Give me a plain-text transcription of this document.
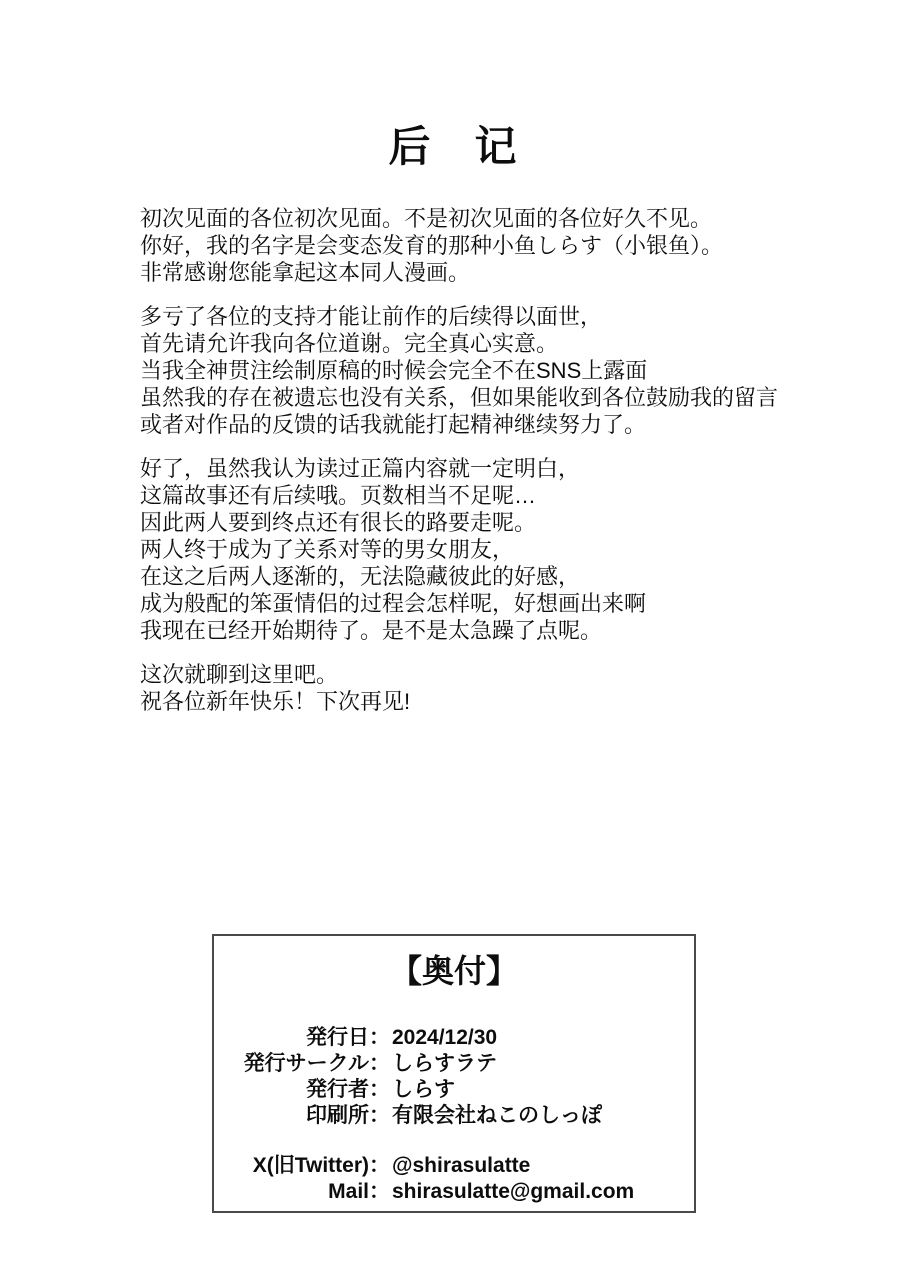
后　记
初次见面的各位初次见面。不是初次见面的各位好久不见。
你好，我的名字是会变态发育的那种小鱼しらす（小银鱼）。
非常感谢您能拿起这本同人漫画。
多亏了各位的支持才能让前作的后续得以面世，
首先请允许我向各位道谢。完全真心实意。
当我全神贯注绘制原稿的时候会完全不在SNS上露面
虽然我的存在被遗忘也没有关系，但如果能收到各位鼓励我的留言
或者对作品的反馈的话我就能打起精神继续努力了。
好了，虽然我认为读过正篇内容就一定明白，
这篇故事还有后续哦。页数相当不足呢…
因此两人要到终点还有很长的路要走呢。
两人终于成为了关系对等的男女朋友，
在这之后两人逐渐的，无法隐藏彼此的好感，
成为般配的笨蛋情侣的过程会怎样呢，好想画出来啊
我现在已经开始期待了。是不是太急躁了点呢。
这次就聊到这里吧。
祝各位新年快乐！下次再见!
【奥付】
発行日：	2024/12/30
発行サークル：	しらすラテ
発行者：	しらす
印刷所：	有限会社ねこのしっぽ
X(旧Twitter)：	@shirasulatte
Mail：	shirasulatte@gmail.com
